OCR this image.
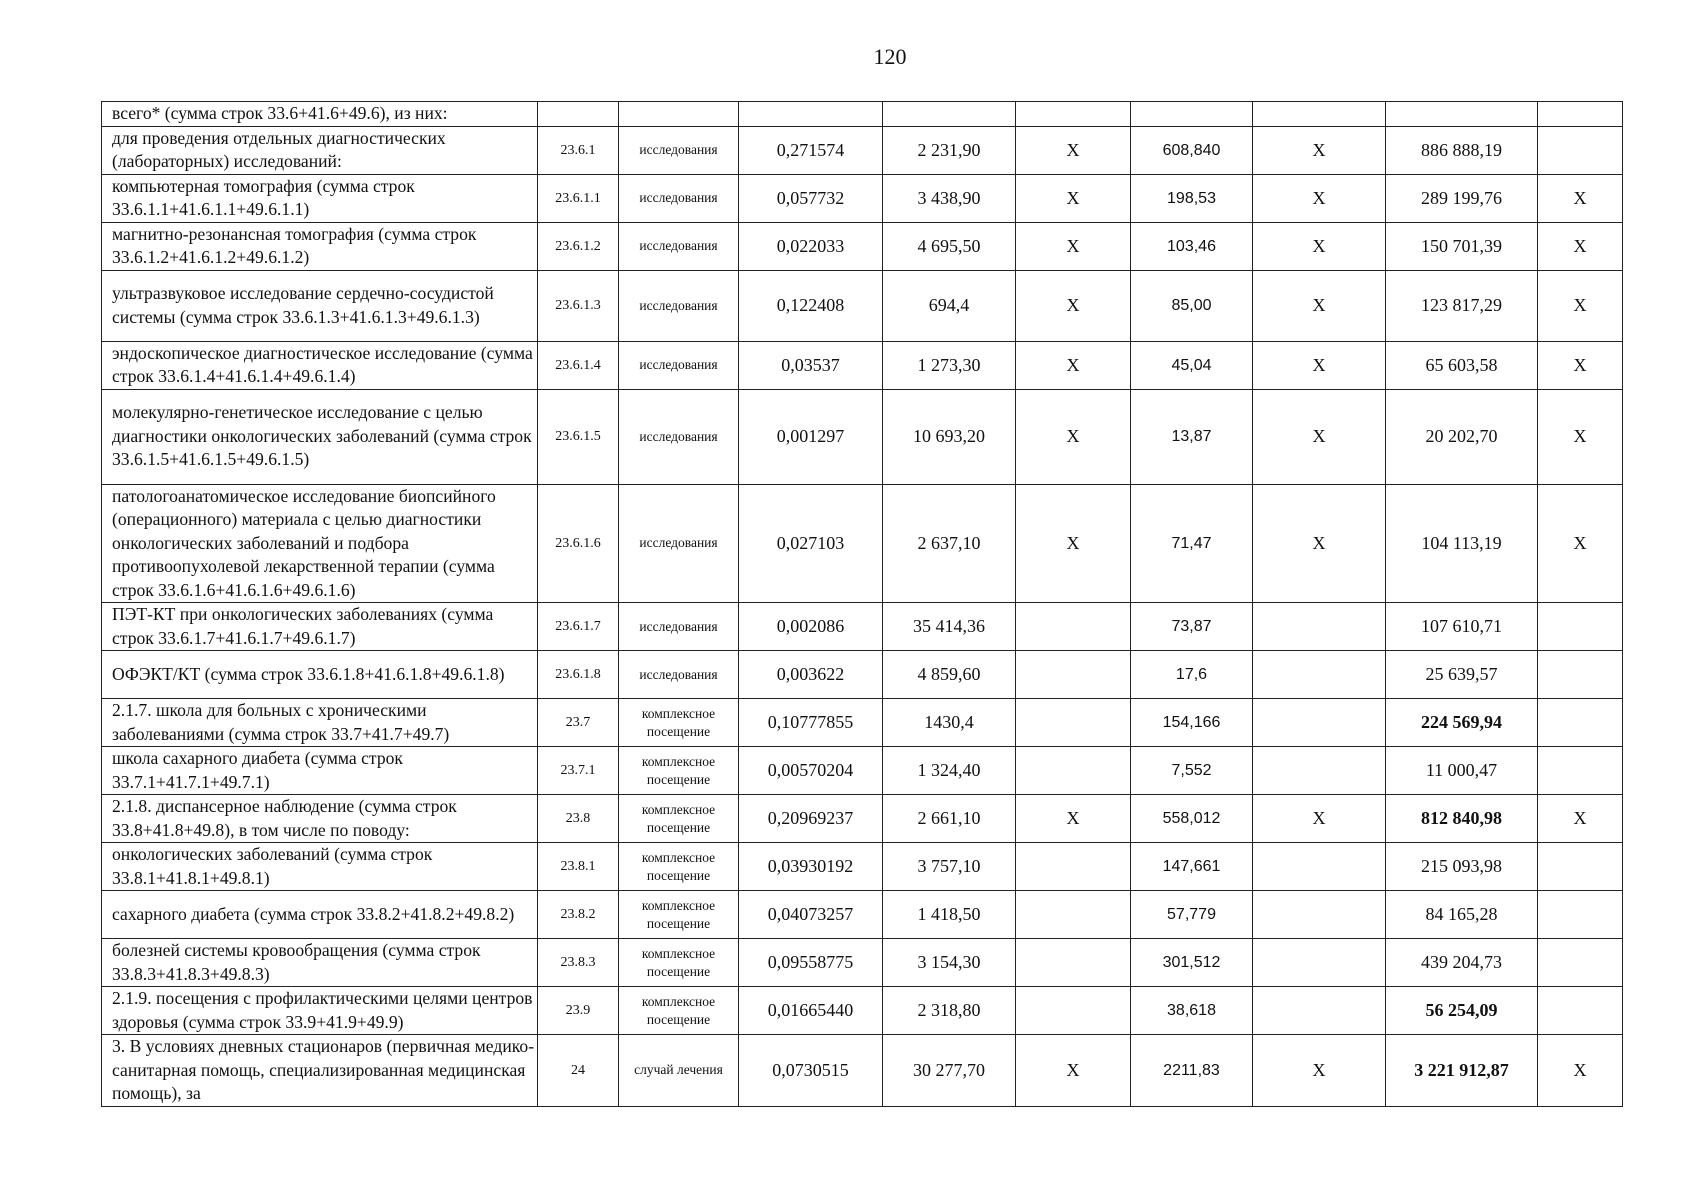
120
всего* (сумма строк 33.6+41.6+49.6), из них:									
для проведения отдельных диагностических (лабораторных) исследований:	23.6.1	исследования	0,271574	2 231,90	Х	608,840	Х	886 888,19	
компьютерная томография (сумма строк 33.6.1.1+41.6.1.1+49.6.1.1)	23.6.1.1	исследования	0,057732	3 438,90	Х	198,53	Х	289 199,76	Х
магнитно-резонансная томография (сумма строк 33.6.1.2+41.6.1.2+49.6.1.2)	23.6.1.2	исследования	0,022033	4 695,50	Х	103,46	Х	150 701,39	Х
ультразвуковое исследование сердечно-сосудистой системы (сумма строк 33.6.1.3+41.6.1.3+49.6.1.3)	23.6.1.3	исследования	0,122408	694,4	Х	85,00	Х	123 817,29	Х
эндоскопическое диагностическое исследование (сумма строк 33.6.1.4+41.6.1.4+49.6.1.4)	23.6.1.4	исследования	0,03537	1 273,30	Х	45,04	Х	65 603,58	Х
молекулярно-генетическое исследование с целью диагностики онкологических заболеваний (сумма строк 33.6.1.5+41.6.1.5+49.6.1.5)	23.6.1.5	исследования	0,001297	10 693,20	Х	13,87	Х	20 202,70	Х
патологоанатомическое исследование биопсийного (операционного) материала с целью диагностики онкологических заболеваний и подбора противоопухолевой лекарственной терапии (сумма строк 33.6.1.6+41.6.1.6+49.6.1.6)	23.6.1.6	исследования	0,027103	2 637,10	Х	71,47	Х	104 113,19	Х
ПЭТ-КТ при онкологических заболеваниях (сумма строк 33.6.1.7+41.6.1.7+49.6.1.7)	23.6.1.7	исследования	0,002086	35 414,36		73,87		107 610,71	
ОФЭКТ/КТ (сумма строк 33.6.1.8+41.6.1.8+49.6.1.8)	23.6.1.8	исследования	0,003622	4 859,60		17,6		25 639,57	
2.1.7. школа для больных с хроническими заболеваниями (сумма строк 33.7+41.7+49.7)	23.7	комплексное посещение	0,10777855	1430,4		154,166		224 569,94	
школа сахарного диабета (сумма строк 33.7.1+41.7.1+49.7.1)	23.7.1	комплексное посещение	0,00570204	1 324,40		7,552		11 000,47	
2.1.8. диспансерное наблюдение (сумма строк 33.8+41.8+49.8), в том числе по поводу:	23.8	комплексное посещение	0,20969237	2 661,10	Х	558,012	Х	812 840,98	Х
онкологических заболеваний (сумма строк 33.8.1+41.8.1+49.8.1)	23.8.1	комплексное посещение	0,03930192	3 757,10		147,661		215 093,98	
сахарного диабета (сумма строк 33.8.2+41.8.2+49.8.2)	23.8.2	комплексное посещение	0,04073257	1 418,50		57,779		84 165,28	
болезней системы кровообращения (сумма строк 33.8.3+41.8.3+49.8.3)	23.8.3	комплексное посещение	0,09558775	3 154,30		301,512		439 204,73	
2.1.9. посещения с профилактическими целями центров здоровья (сумма строк 33.9+41.9+49.9)	23.9	комплексное посещение	0,01665440	2 318,80		38,618		56 254,09	
3. В условиях дневных стационаров (первичная медико-санитарная помощь, специализированная медицинская помощь), за	24	случай лечения	0,0730515	30 277,70	Х	2211,83	Х	3 221 912,87	Х
